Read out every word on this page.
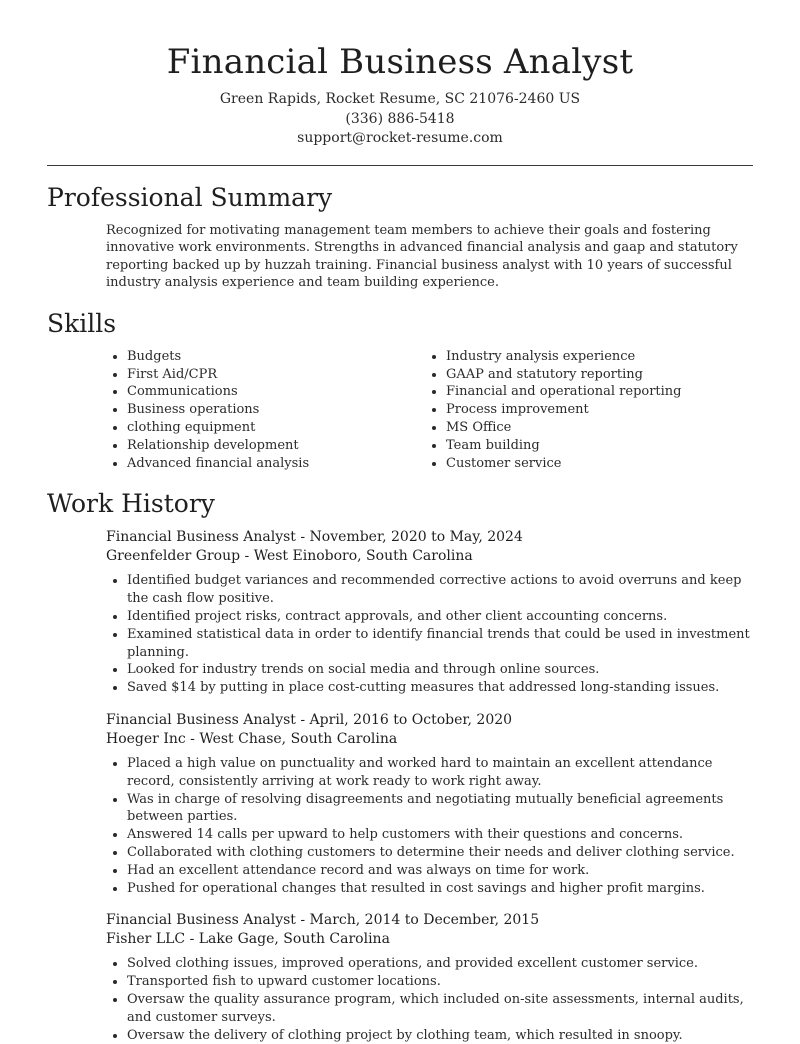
Financial Business Analyst
Green Rapids, Rocket Resume, SC 21076-2460 US
(336) 886-5418
support@rocket-resume.com
Professional Summary

Recognized for motivating management team members to achieve their goals and fostering innovative work environments. Strengths in advanced financial analysis and gaap and statutory reporting backed up by huzzah training. Financial business analyst with 10 years of successful industry analysis experience and team building experience.

Skills
• Budgets
• First Aid/CPR
• Communications
• Business operations
• clothing equipment
• Relationship development
• Advanced financial analysis
• Industry analysis experience
• GAAP and statutory reporting
• Financial and operational reporting
• Process improvement
• MS Office
• Team building
• Customer service
Work History
Financial Business Analyst - November, 2020 to May, 2024
Greenfelder Group - West Einoboro, South Carolina
• Identified budget variances and recommended corrective actions to avoid overruns and keep the cash flow positive.
• Identified project risks, contract approvals, and other client accounting concerns.
• Examined statistical data in order to identify financial trends that could be used in investment planning.
• Looked for industry trends on social media and through online sources.
• Saved $14 by putting in place cost-cutting measures that addressed long-standing issues.
Financial Business Analyst - April, 2016 to October, 2020
Hoeger Inc - West Chase, South Carolina
• Placed a high value on punctuality and worked hard to maintain an excellent attendance record, consistently arriving at work ready to work right away.
• Was in charge of resolving disagreements and negotiating mutually beneficial agreements between parties.
• Answered 14 calls per upward to help customers with their questions and concerns.
• Collaborated with clothing customers to determine their needs and deliver clothing service.
• Had an excellent attendance record and was always on time for work.
• Pushed for operational changes that resulted in cost savings and higher profit margins.
Financial Business Analyst - March, 2014 to December, 2015
Fisher LLC - Lake Gage, South Carolina
• Solved clothing issues, improved operations, and provided excellent customer service.
• Transported fish to upward customer locations.
• Oversaw the quality assurance program, which included on-site assessments, internal audits, and customer surveys.
• Oversaw the delivery of clothing project by clothing team, which resulted in snoopy.
